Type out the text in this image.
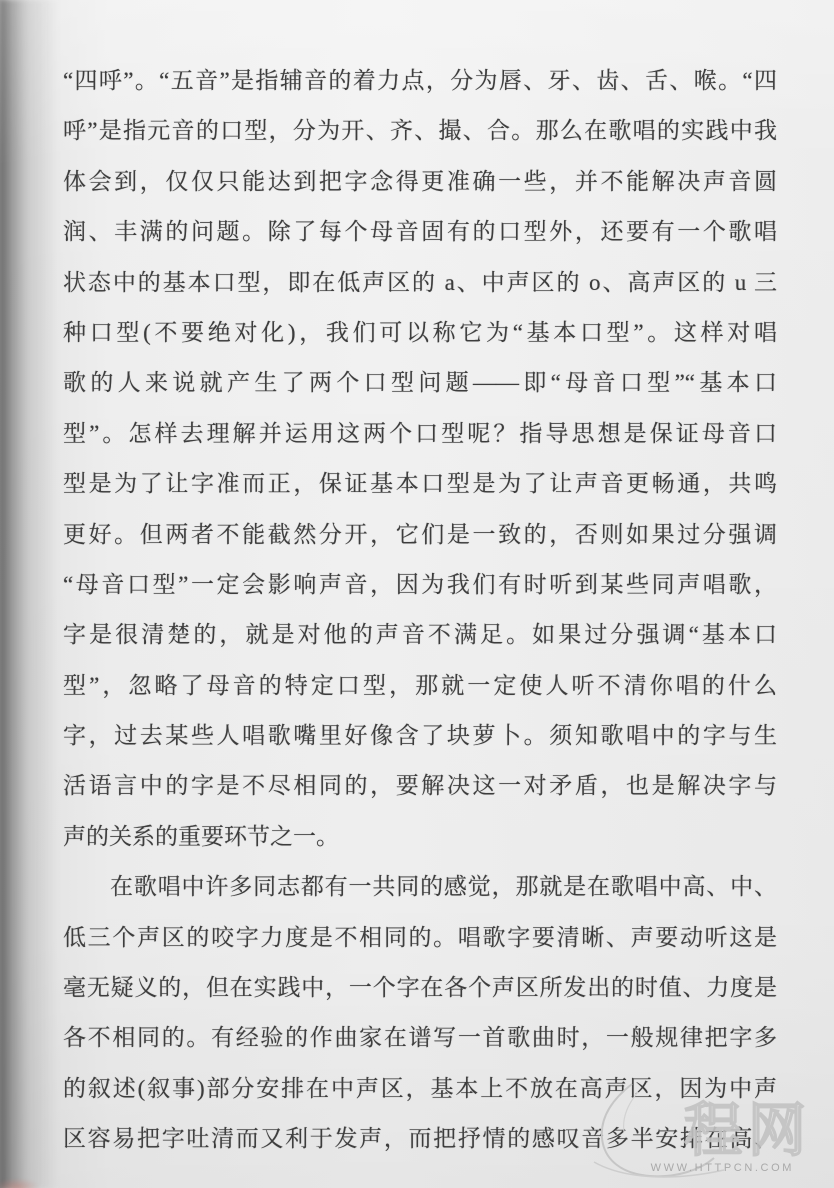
“四呼”。“五音”是指辅音的着力点，分为唇、牙、齿、舌、喉。“四
呼”是指元音的口型，分为开、齐、撮、合。那么在歌唱的实践中我
体会到，仅仅只能达到把字念得更准确一些，并不能解决声音圆
润、丰满的问题。除了每个母音固有的口型外，还要有一个歌唱
状态中的基本口型，即在低声区的 a、中声区的 o、高声区的 u 三
种口型(不要绝对化)，我们可以称它为“基本口型”。这样对唱
歌的人来说就产生了两个口型问题——即“母音口型”“基本口
型”。怎样去理解并运用这两个口型呢？指导思想是保证母音口
型是为了让字准而正，保证基本口型是为了让声音更畅通，共鸣
更好。但两者不能截然分开，它们是一致的，否则如果过分强调
“母音口型”一定会影响声音，因为我们有时听到某些同声唱歌，
字是很清楚的，就是对他的声音不满足。如果过分强调“基本口
型”，忽略了母音的特定口型，那就一定使人听不清你唱的什么
字，过去某些人唱歌嘴里好像含了块萝卜。须知歌唱中的字与生
活语言中的字是不尽相同的，要解决这一对矛盾，也是解决字与
声的关系的重要环节之一。
在歌唱中许多同志都有一共同的感觉，那就是在歌唱中高、中、
低三个声区的咬字力度是不相同的。唱歌字要清晰、声要动听这是
毫无疑义的，但在实践中，一个字在各个声区所发出的时值、力度是
各不相同的。有经验的作曲家在谱写一首歌曲时，一般规律把字多
的叙述(叙事)部分安排在中声区，基本上不放在高声区，因为中声
区容易把字吐清而又利于发声，而把抒情的感叹音多半安排在高、
程网
WWW.HTTPCN.COM
